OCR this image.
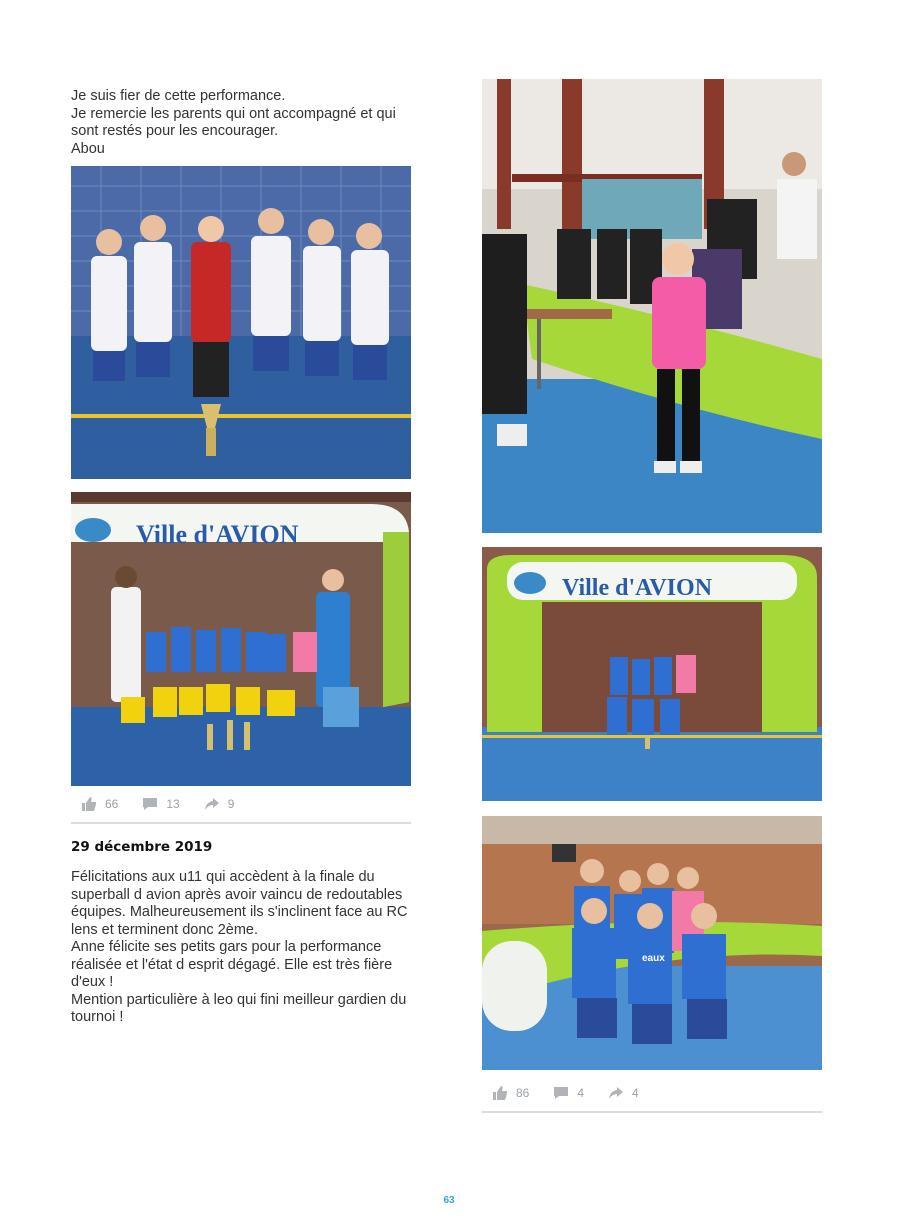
Je suis fier de cette performance.

Je remercie les parents qui ont accompagné et qui sont restés pour les encourager.

Abou

Ville d'AVION
66	13	9
29 décembre 2019

Félicitations aux u11 qui accèdent à la finale du superball d avion après avoir vaincu de redoutables équipes. Malheureusement ils s'inclinent face au RC lens et terminent donc 2ème.

Anne félicite ses petits gars pour la performance réalisée et l'état d esprit dégagé. Elle est très fière d'eux !

Mention particulière à leo qui fini meilleur gardien du tournoi !

Ville d'AVION
eaux
86	4	4
63
